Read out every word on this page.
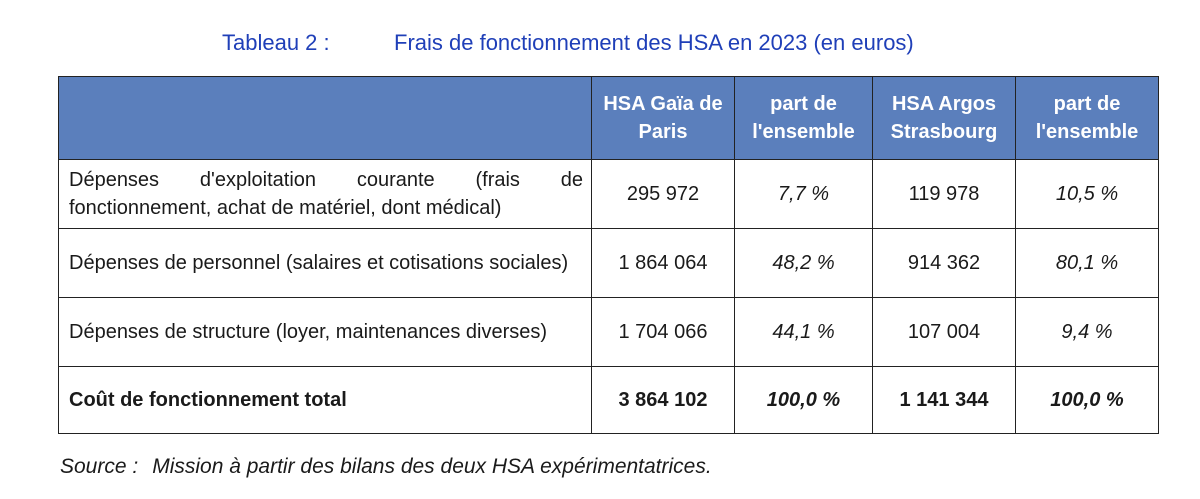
Tableau 2 :	Frais de fonctionnement des HSA en 2023 (en euros)
	HSA Gaïa de Paris	part de l'ensemble	HSA Argos Strasbourg	part de l'ensemble
Dépenses d'exploitation courante (frais de fonctionnement, achat de matériel, dont médical)	295 972	7,7 %	119 978	10,5 %
Dépenses de personnel (salaires et cotisations sociales)	1 864 064	48,2 %	914 362	80,1 %
Dépenses de structure (loyer, maintenances diverses)	1 704 066	44,1 %	107 004	9,4 %
Coût de fonctionnement total	3 864 102	100,0 %	1 141 344	100,0 %
Source : Mission à partir des bilans des deux HSA expérimentatrices.
